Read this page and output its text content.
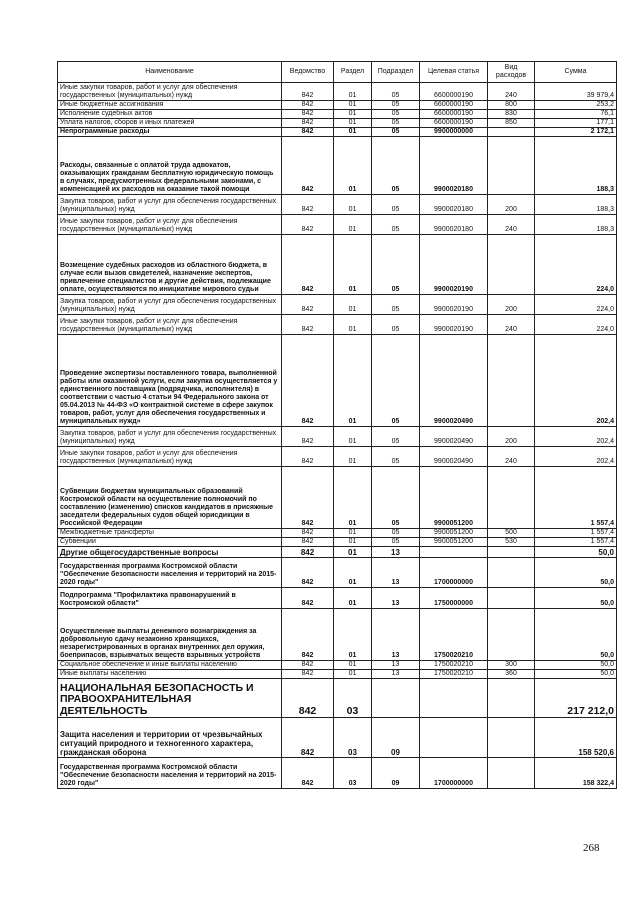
Наименование	Ведомство	Раздел	Подраздел	Целевая статья	Вид расходов	Сумма
Иные закупки товаров, работ и услуг для обеспечения государственных (муниципальных) нужд	842	01	05	6600000190	240	39 979,4
Иные бюджетные ассигнования	842	01	05	6600000190	800	253,2
Исполнение судебных актов	842	01	05	6600000190	830	76,1
Уплата налогов, сборов и иных платежей	842	01	05	6600000190	850	177,1
Непрограммные расходы	842	01	05	9900000000		2 172,1
Расходы, связанные с оплатой труда адвокатов, оказывающих гражданам бесплатную юридическую помощь в случаях, предусмотренных федеральными законами, с компенсацией их расходов на оказание такой помощи	842	01	05	9900020180		188,3
Закупка товаров, работ и услуг для обеспечения государственных (муниципальных) нужд	842	01	05	9900020180	200	188,3
Иные закупки товаров, работ и услуг для обеспечения государственных (муниципальных) нужд	842	01	05	9900020180	240	188,3
Возмещение судебных расходов из областного бюджета, в случае если вызов свидетелей, назначение экспертов, привлечение специалистов и другие действия, подлежащие оплате, осуществляются по инициативе мирового судьи	842	01	05	9900020190		224,0
Закупка товаров, работ и услуг для обеспечения государственных (муниципальных) нужд	842	01	05	9900020190	200	224,0
Иные закупки товаров, работ и услуг для обеспечения государственных (муниципальных) нужд	842	01	05	9900020190	240	224,0
Проведение экспертизы поставленного товара, выполненной работы или оказанной услуги, если закупка осуществляется у единственного поставщика (подрядчика, исполнителя) в соответствии с частью 4 статьи 94 Федерального закона от 05.04.2013 № 44-ФЗ «О контрактной системе в сфере закупок товаров, работ, услуг для обеспечения государственных и муниципальных нужд»	842	01	05	9900020490		202,4
Закупка товаров, работ и услуг для обеспечения государственных (муниципальных) нужд	842	01	05	9900020490	200	202,4
Иные закупки товаров, работ и услуг для обеспечения государственных (муниципальных) нужд	842	01	05	9900020490	240	202,4
Субвенции бюджетам муниципальных образований Костромской области на осуществление полномочий по составлению (изменению) списков кандидатов в присяжные заседатели федеральных судов общей юрисдикции в Российской Федерации	842	01	05	9900051200		1 557,4
Межбюджетные трансферты	842	01	05	9900051200	500	1 557,4
Субвенции	842	01	05	9900051200	530	1 557,4
Другие общегосударственные вопросы	842	01	13			50,0
Государственная программа Костромской области "Обеспечение безопасности населения и территорий на 2015-2020 годы"	842	01	13	1700000000		50,0
Подпрограмма "Профилактика правонарушений в Костромской области"	842	01	13	1750000000		50,0
Осуществление выплаты денежного вознаграждения за добровольную сдачу незаконно хранящихся, незарегистрированных в органах внутренних дел оружия, боеприпасов, взрывчатых веществ взрывных устройств	842	01	13	1750020210		50,0
Социальное обеспечение и иные выплаты населению	842	01	13	1750020210	300	50,0
Иные выплаты населению	842	01	13	1750020210	360	50,0
НАЦИОНАЛЬНАЯ БЕЗОПАСНОСТЬ И ПРАВООХРАНИТЕЛЬНАЯ ДЕЯТЕЛЬНОСТЬ	842	03				217 212,0
Защита населения и территории от чрезвычайных ситуаций природного и техногенного характера, гражданская оборона	842	03	09			158 520,6
Государственная программа Костромской области "Обеспечение безопасности населения и территорий на 2015-2020 годы"	842	03	09	1700000000		158 322,4
268
